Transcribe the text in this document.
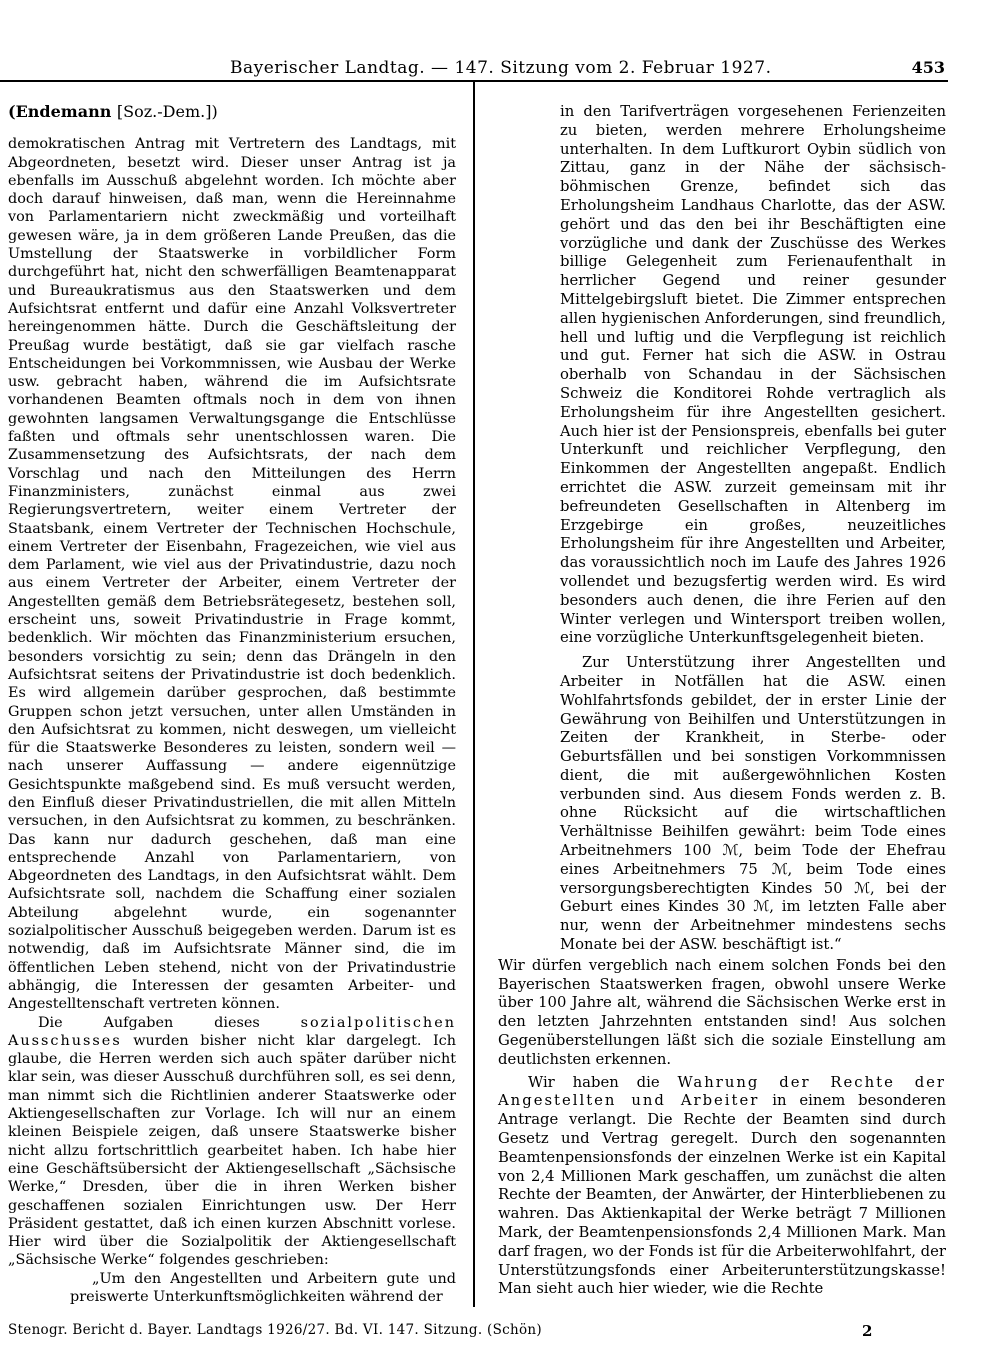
Bayerischer Landtag. — 147. Sitzung vom 2. Februar 1927.	453
(Endemann [Soz.-Dem.])

demokratischen Antrag mit Vertretern des Landtags, mit Abgeordneten, besetzt wird. Dieser unser Antrag ist ja ebenfalls im Ausschuß abgelehnt worden. Ich möchte aber doch darauf hinweisen, daß man, wenn die Hereinnahme von Parlamentariern nicht zweckmäßig und vorteilhaft gewesen wäre, ja in dem größeren Lande Preußen, das die Umstellung der Staatswerke in vorbildlicher Form durchgeführt hat, nicht den schwerfälligen Beamtenapparat und Bureaukratismus aus den Staatswerken und dem Aufsichtsrat entfernt und dafür eine Anzahl Volksvertreter hereingenommen hätte. Durch die Geschäftsleitung der Preußag wurde bestätigt, daß sie gar vielfach rasche Entscheidungen bei Vorkommnissen, wie Ausbau der Werke usw. gebracht haben, während die im Aufsichtsrate vorhandenen Beamten oftmals noch in dem von ihnen gewohnten langsamen Verwaltungsgange die Entschlüsse faßten und oftmals sehr unentschlossen waren. Die Zusammensetzung des Aufsichtsrats, der nach dem Vorschlag und nach den Mitteilungen des Herrn Finanzministers, zunächst einmal aus zwei Regierungsvertretern, weiter einem Vertreter der Staatsbank, einem Vertreter der Technischen Hochschule, einem Vertreter der Eisenbahn, Fragezeichen, wie viel aus dem Parlament, wie viel aus der Privatindustrie, dazu noch aus einem Vertreter der Arbeiter, einem Vertreter der Angestellten gemäß dem Betriebsrätegesetz, bestehen soll, erscheint uns, soweit Privatindustrie in Frage kommt, bedenklich. Wir möchten das Finanzministerium ersuchen, besonders vorsichtig zu sein; denn das Drängeln in den Aufsichtsrat seitens der Privatindustrie ist doch bedenklich. Es wird allgemein darüber gesprochen, daß bestimmte Gruppen schon jetzt versuchen, unter allen Umständen in den Aufsichtsrat zu kommen, nicht deswegen, um vielleicht für die Staatswerke Besonderes zu leisten, sondern weil — nach unserer Auffassung — andere eigennützige Gesichtspunkte maßgebend sind. Es muß versucht werden, den Einfluß dieser Privatindustriellen, die mit allen Mitteln versuchen, in den Aufsichtsrat zu kommen, zu beschränken. Das kann nur dadurch geschehen, daß man eine entsprechende Anzahl von Parlamentariern, von Abgeordneten des Landtags, in den Aufsichtsrat wählt. Dem Aufsichtsrate soll, nachdem die Schaffung einer sozialen Abteilung abgelehnt wurde, ein sogenannter sozialpolitischer Ausschuß beigegeben werden. Darum ist es notwendig, daß im Aufsichtsrate Männer sind, die im öffentlichen Leben stehend, nicht von der Privatindustrie abhängig, die Interessen der gesamten Arbeiter- und Angestelltenschaft vertreten können.

Die Aufgaben dieses sozialpolitischen Ausschusses wurden bisher nicht klar dargelegt. Ich glaube, die Herren werden sich auch später darüber nicht klar sein, was dieser Ausschuß durchführen soll, es sei denn, man nimmt sich die Richtlinien anderer Staatswerke oder Aktiengesellschaften zur Vorlage. Ich will nur an einem kleinen Beispiele zeigen, daß unsere Staatswerke bisher nicht allzu fortschrittlich gearbeitet haben. Ich habe hier eine Geschäftsübersicht der Aktiengesellschaft „Sächsische Werke,“ Dresden, über die in ihren Werken bisher geschaffenen sozialen Einrichtungen usw. Der Herr Präsident gestattet, daß ich einen kurzen Abschnitt vorlese. Hier wird über die Sozialpolitik der Aktiengesellschaft „Sächsische Werke“ folgendes geschrieben:

„Um den Angestellten und Arbeitern gute und preiswerte Unterkunftsmöglichkeiten während der

in den Tarifverträgen vorgesehenen Ferienzeiten zu bieten, werden mehrere Erholungsheime unterhalten. In dem Luftkurort Oybin südlich von Zittau, ganz in der Nähe der sächsisch-böhmischen Grenze, befindet sich das Erholungsheim Landhaus Charlotte, das der ASW. gehört und das den bei ihr Beschäftigten eine vorzügliche und dank der Zuschüsse des Werkes billige Gelegenheit zum Ferienaufenthalt in herrlicher Gegend und reiner gesunder Mittelgebirgsluft bietet. Die Zimmer entsprechen allen hygienischen Anforderungen, sind freundlich, hell und luftig und die Verpflegung ist reichlich und gut. Ferner hat sich die ASW. in Ostrau oberhalb von Schandau in der Sächsischen Schweiz die Konditorei Rohde vertraglich als Erholungsheim für ihre Angestellten gesichert. Auch hier ist der Pensionspreis, ebenfalls bei guter Unterkunft und reichlicher Verpflegung, den Einkommen der Angestellten angepaßt. Endlich errichtet die ASW. zurzeit gemeinsam mit ihr befreundeten Gesellschaften in Altenberg im Erzgebirge ein großes, neuzeitliches Erholungsheim für ihre Angestellten und Arbeiter, das voraussichtlich noch im Laufe des Jahres 1926 vollendet und bezugsfertig werden wird. Es wird besonders auch denen, die ihre Ferien auf den Winter verlegen und Wintersport treiben wollen, eine vorzügliche Unterkunftsgelegenheit bieten.

Zur Unterstützung ihrer Angestellten und Arbeiter in Notfällen hat die ASW. einen Wohlfahrtsfonds gebildet, der in erster Linie der Gewährung von Beihilfen und Unterstützungen in Zeiten der Krankheit, in Sterbe- oder Geburtsfällen und bei sonstigen Vorkommnissen dient, die mit außergewöhnlichen Kosten verbunden sind. Aus diesem Fonds werden z. B. ohne Rücksicht auf die wirtschaftlichen Verhältnisse Beihilfen gewährt: beim Tode eines Arbeitnehmers 100 ℳ, beim Tode der Ehefrau eines Arbeitnehmers 75 ℳ, beim Tode eines versorgungsberechtigten Kindes 50 ℳ, bei der Geburt eines Kindes 30 ℳ, im letzten Falle aber nur, wenn der Arbeitnehmer mindestens sechs Monate bei der ASW. beschäftigt ist.“

Wir dürfen vergeblich nach einem solchen Fonds bei den Bayerischen Staatswerken fragen, obwohl unsere Werke über 100 Jahre alt, während die Sächsischen Werke erst in den letzten Jahrzehnten entstanden sind! Aus solchen Gegenüberstellungen läßt sich die soziale Einstellung am deutlichsten erkennen.

Wir haben die Wahrung der Rechte der Angestellten und Arbeiter in einem besonderen Antrage verlangt. Die Rechte der Beamten sind durch Gesetz und Vertrag geregelt. Durch den sogenannten Beamtenpensionsfonds der einzelnen Werke ist ein Kapital von 2,4 Millionen Mark geschaffen, um zunächst die alten Rechte der Beamten, der Anwärter, der Hinterbliebenen zu wahren. Das Aktienkapital der Werke beträgt 7 Millionen Mark, der Beamtenpensionsfonds 2,4 Millionen Mark. Man darf fragen, wo der Fonds ist für die Arbeiterwohlfahrt, der Unterstützungsfonds einer Arbeiterunterstützungskasse! Man sieht auch hier wieder, wie die Rechte

Stenogr. Bericht d. Bayer. Landtags 1926/27. Bd. VI. 147. Sitzung. (Schön)	2
